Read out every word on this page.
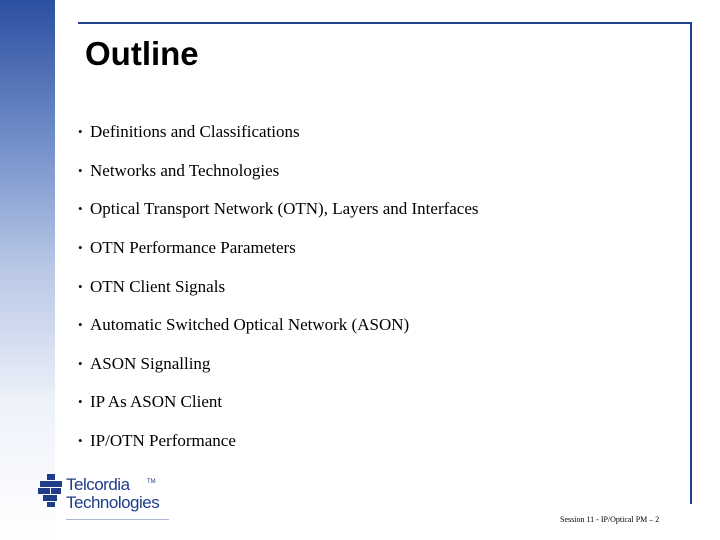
Outline
• Definitions and Classifications
• Networks and Technologies
• Optical Transport Network (OTN), Layers and Interfaces
• OTN Performance Parameters
• OTN Client Signals
• Automatic Switched Optical Network (ASON)
• ASON Signalling
• IP As ASON Client
• IP/OTN Performance
Telcordia	TM
Technologies
Session 11 - IP/Optical PM – 2
